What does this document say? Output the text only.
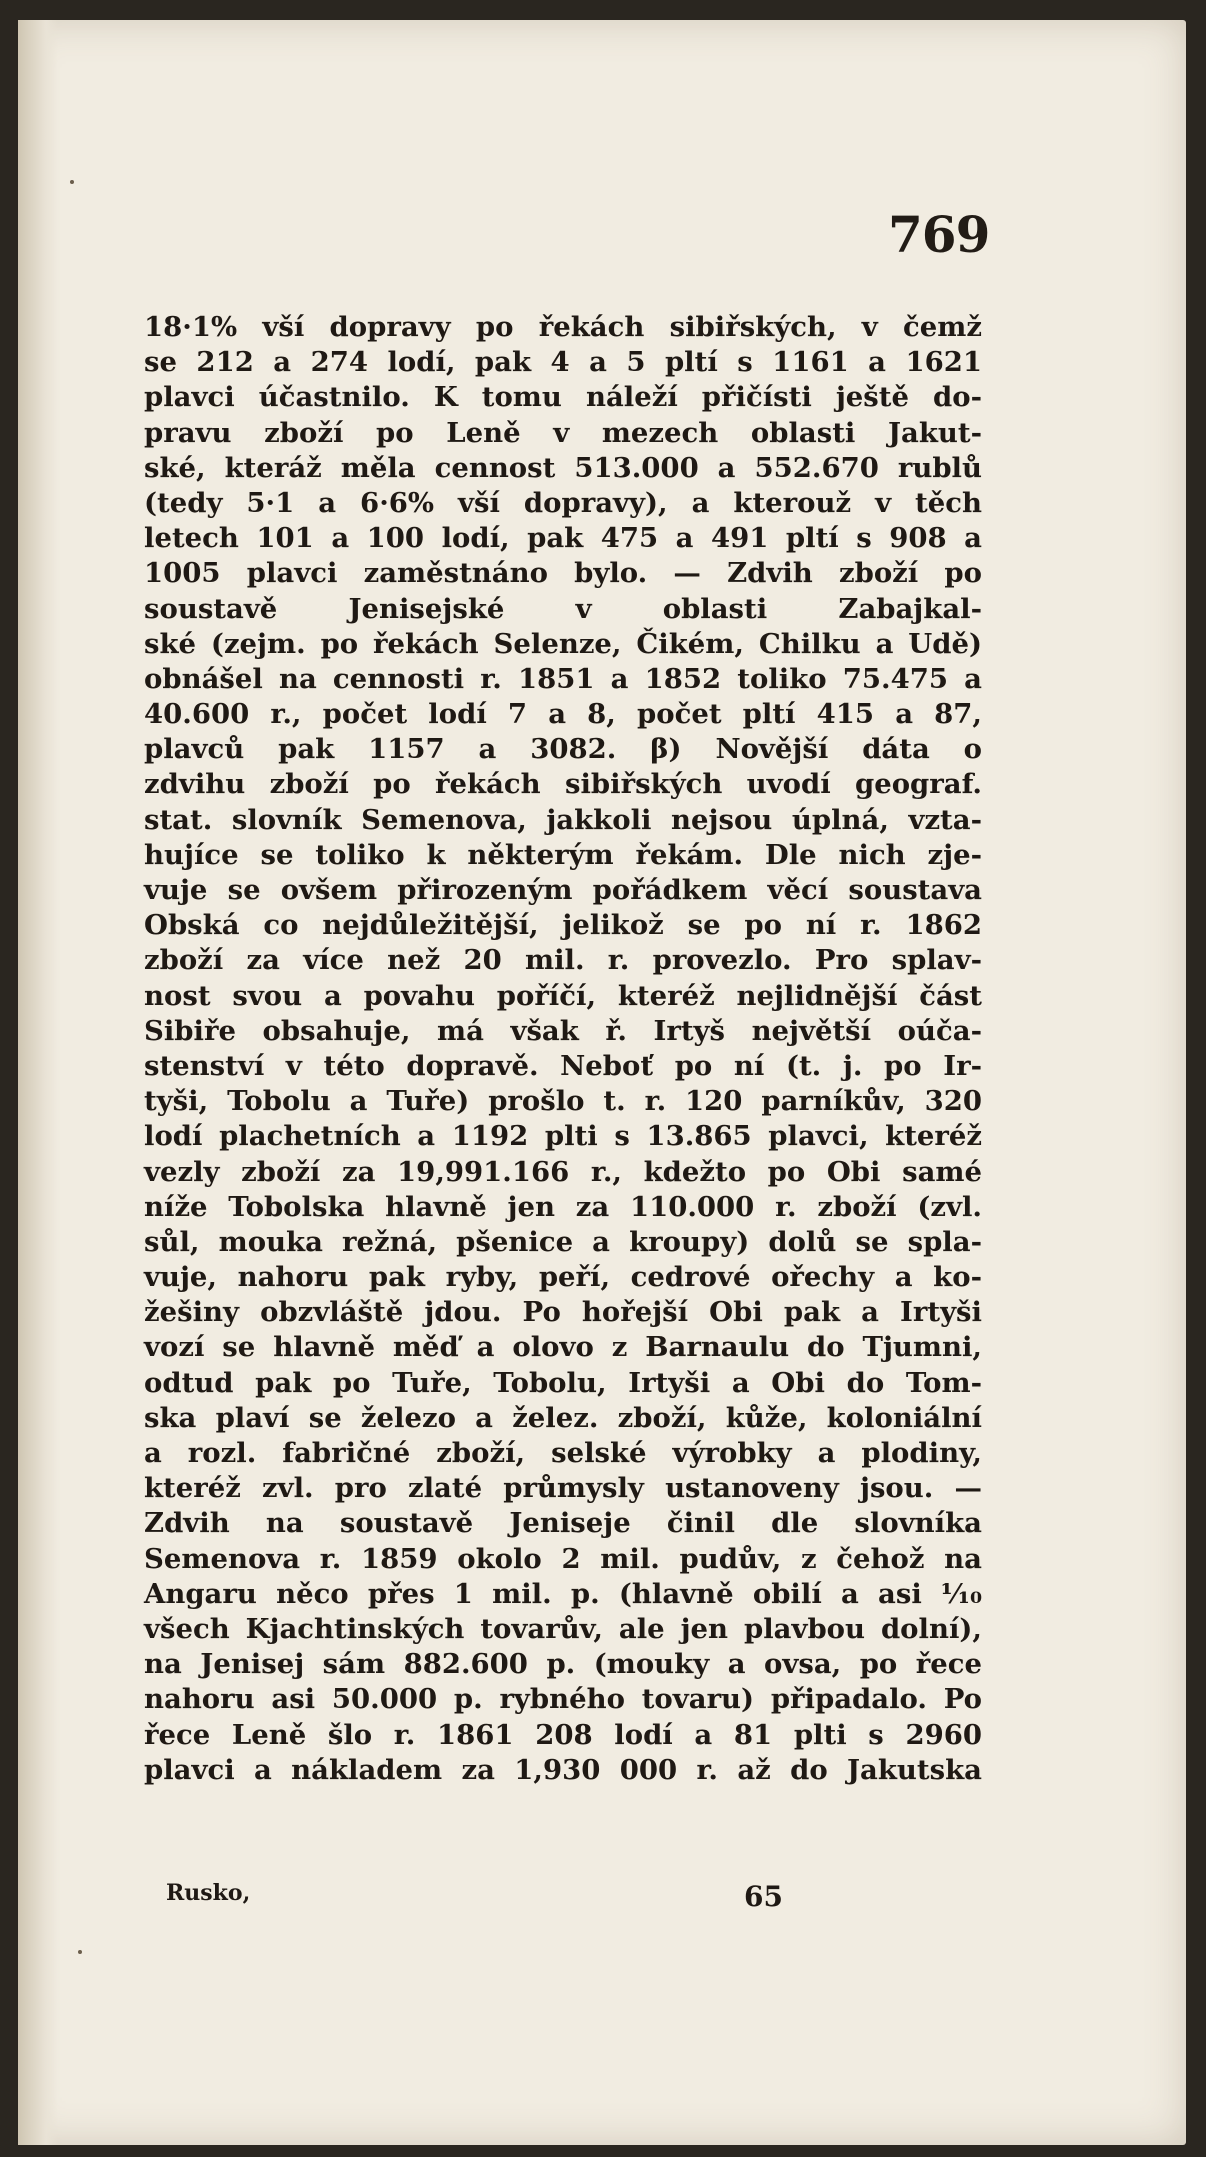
769
18·1% vší dopravy po řekách sibiřských, v čemž
se 212 a 274 lodí, pak 4 a 5 pltí s 1161 a 1621
plavci účastnilo. K tomu náleží přičísti ještě do-
pravu zboží po Leně v mezech oblasti Jakut-
ské, kteráž měla cennost 513.000 a 552.670 rublů
(tedy 5·1 a 6·6% vší dopravy), a kterouž v těch
letech 101 a 100 lodí, pak 475 a 491 pltí s 908 a
1005 plavci zaměstnáno bylo. — Zdvih zboží po
soustavě Jenisejské v oblasti Zabajkal-
ské (zejm. po řekách Selenze, Čikém, Chilku a Udě)
obnášel na cennosti r. 1851 a 1852 toliko 75.475 a
40.600 r., počet lodí 7 a 8, počet pltí 415 a 87,
plavců pak 1157 a 3082. β) Novější dáta o
zdvihu zboží po řekách sibiřských uvodí geograf.
stat. slovník Semenova, jakkoli nejsou úplná, vzta-
hujíce se toliko k některým řekám. Dle nich zje-
vuje se ovšem přirozeným pořádkem věcí soustava
Obská co nejdůležitější, jelikož se po ní r. 1862
zboží za více než 20 mil. r. provezlo. Pro splav-
nost svou a povahu poříčí, kteréž nejlidnější část
Sibiře obsahuje, má však ř. Irtyš největší oúča-
stenství v této dopravě. Neboť po ní (t. j. po Ir-
tyši, Tobolu a Tuře) prošlo t. r. 120 parníkův, 320
lodí plachetních a 1192 plti s 13.865 plavci, kteréž
vezly zboží za 19,991.166 r., kdežto po Obi samé
níže Tobolska hlavně jen za 110.000 r. zboží (zvl.
sůl, mouka režná, pšenice a kroupy) dolů se spla-
vuje, nahoru pak ryby, peří, cedrové ořechy a ko-
žešiny obzvláště jdou. Po hořejší Obi pak a Irtyši
vozí se hlavně měď a olovo z Barnaulu do Tjumni,
odtud pak po Tuře, Tobolu, Irtyši a Obi do Tom-
ska plaví se železo a želez. zboží, kůže, koloniální
a rozl. fabričné zboží, selské výrobky a plodiny,
kteréž zvl. pro zlaté průmysly ustanoveny jsou. —
Zdvih na soustavě Jeniseje činil dle slovníka
Semenova r. 1859 okolo 2 mil. pudův, z čehož na
Angaru něco přes 1 mil. p. (hlavně obilí a asi ⅟₁₀
všech Kjachtinských tovarův, ale jen plavbou dolní),
na Jenisej sám 882.600 p. (mouky a ovsa, po řece
nahoru asi 50.000 p. rybného tovaru) připadalo. Po
řece Leně šlo r. 1861 208 lodí a 81 plti s 2960
plavci a nákladem za 1,930 000 r. až do Jakutska
Rusko,	65
